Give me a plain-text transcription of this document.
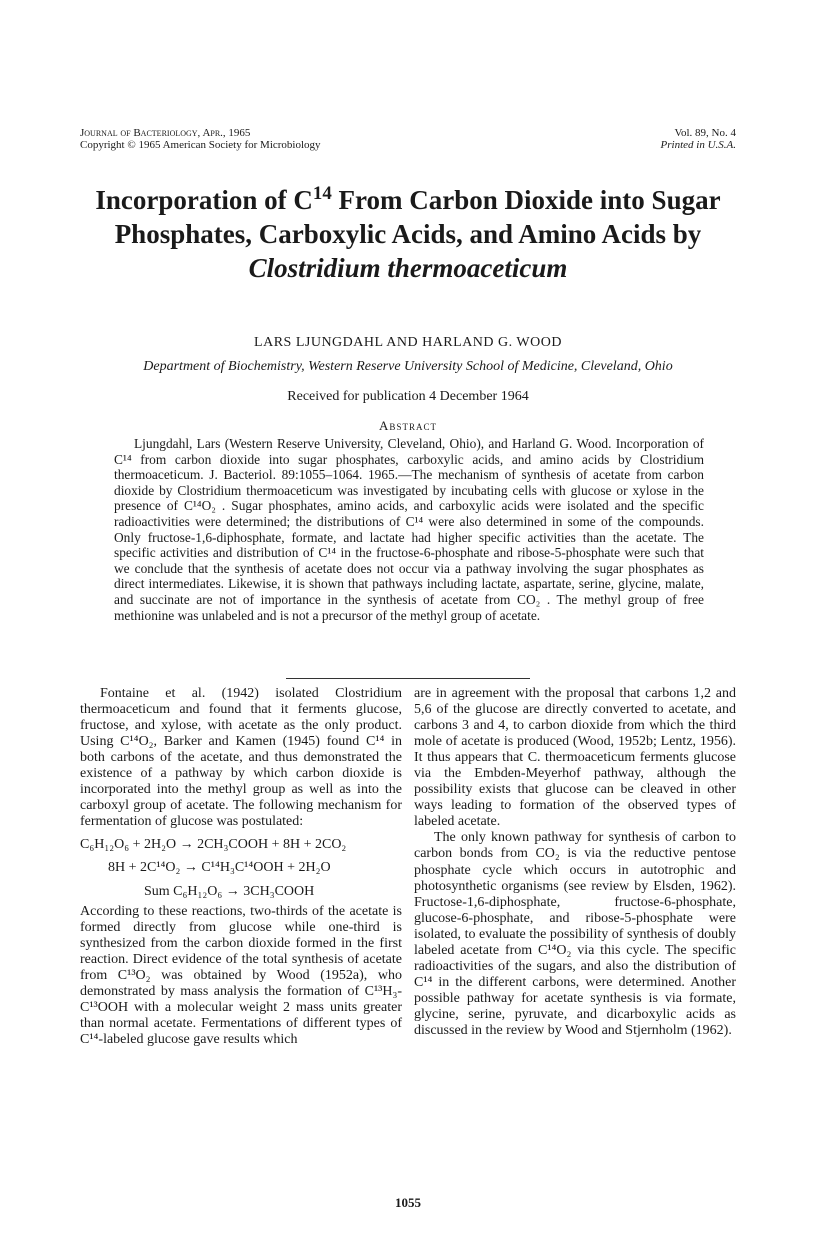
Journal of Bacteriology, Apr., 1965
Copyright © 1965 American Society for Microbiology
Vol. 89, No. 4
Printed in U.S.A.
Incorporation of $C^{14}$ From Carbon Dioxide into Sugar Phosphates, Carboxylic Acids, and Amino Acids by Clostridium thermoaceticum
LARS LJUNGDAHL AND HARLAND G. WOOD
Department of Biochemistry, Western Reserve University School of Medicine, Cleveland, Ohio
Received for publication 4 December 1964
Abstract

Ljungdahl, Lars (Western Reserve University, Cleveland, Ohio), and Harland G. Wood. Incorporation of C¹⁴ from carbon dioxide into sugar phosphates, carboxylic acids, and amino acids by Clostridium thermoaceticum. J. Bacteriol. 89:1055–1064. 1965.—The mechanism of synthesis of acetate from carbon dioxide by Clostridium thermoaceticum was investigated by incubating cells with glucose or xylose in the presence of C¹⁴O₂ . Sugar phosphates, amino acids, and carboxylic acids were isolated and the specific radioactivities were determined; the distributions of C¹⁴ were also determined in some of the compounds. Only fructose-1,6-diphosphate, formate, and lactate had higher specific activities than the acetate. The specific activities and distribution of C¹⁴ in the fructose-6-phosphate and ribose-5-phosphate were such that we conclude that the synthesis of acetate does not occur via a pathway involving the sugar phosphates as direct intermediates. Likewise, it is shown that pathways including lactate, aspartate, serine, glycine, malate, and succinate are not of importance in the synthesis of acetate from CO₂ . The methyl group of free methionine was unlabeled and is not a precursor of the methyl group of acetate.

Fontaine et al. (1942) isolated Clostridium thermoaceticum and found that it ferments glucose, fructose, and xylose, with acetate as the only product. Using C¹⁴O₂, Barker and Kamen (1945) found C¹⁴ in both carbons of the acetate, and thus demonstrated the existence of a pathway by which carbon dioxide is incorporated into the methyl group as well as into the carboxyl group of acetate. The following mechanism for fermentation of glucose was postulated:

C₆H₁₂O₆ + 2H₂O → 2CH₃COOH + 8H + 2CO₂

8H + 2C¹⁴O₂ → C¹⁴H₃C¹⁴OOH + 2H₂O

Sum C₆H₁₂O₆ → 3CH₃COOH

According to these reactions, two-thirds of the acetate is formed directly from glucose while one-third is synthesized from the carbon dioxide formed in the first reaction. Direct evidence of the total synthesis of acetate from C¹³O₂ was obtained by Wood (1952a), who demonstrated by mass analysis the formation of C¹³H₃-C¹³OOH with a molecular weight 2 mass units greater than normal acetate. Fermentations of different types of C¹⁴-labeled glucose gave results which

are in agreement with the proposal that carbons 1,2 and 5,6 of the glucose are directly converted to acetate, and carbons 3 and 4, to carbon dioxide from which the third mole of acetate is produced (Wood, 1952b; Lentz, 1956). It thus appears that C. thermoaceticum ferments glucose via the Embden-Meyerhof pathway, although the possibility exists that glucose can be cleaved in other ways leading to formation of the observed types of labeled acetate.

The only known pathway for synthesis of carbon to carbon bonds from CO₂ is via the reductive pentose phosphate cycle which occurs in autotrophic and photosynthetic organisms (see review by Elsden, 1962). Fructose-1,6-diphosphate, fructose-6-phosphate, glucose-6-phosphate, and ribose-5-phosphate were isolated, to evaluate the possibility of synthesis of doubly labeled acetate from C¹⁴O₂ via this cycle. The specific radioactivities of the sugars, and also the distribution of C¹⁴ in the different carbons, were determined. Another possible pathway for acetate synthesis is via formate, glycine, serine, pyruvate, and dicarboxylic acids as discussed in the review by Wood and Stjernholm (1962).

1055
